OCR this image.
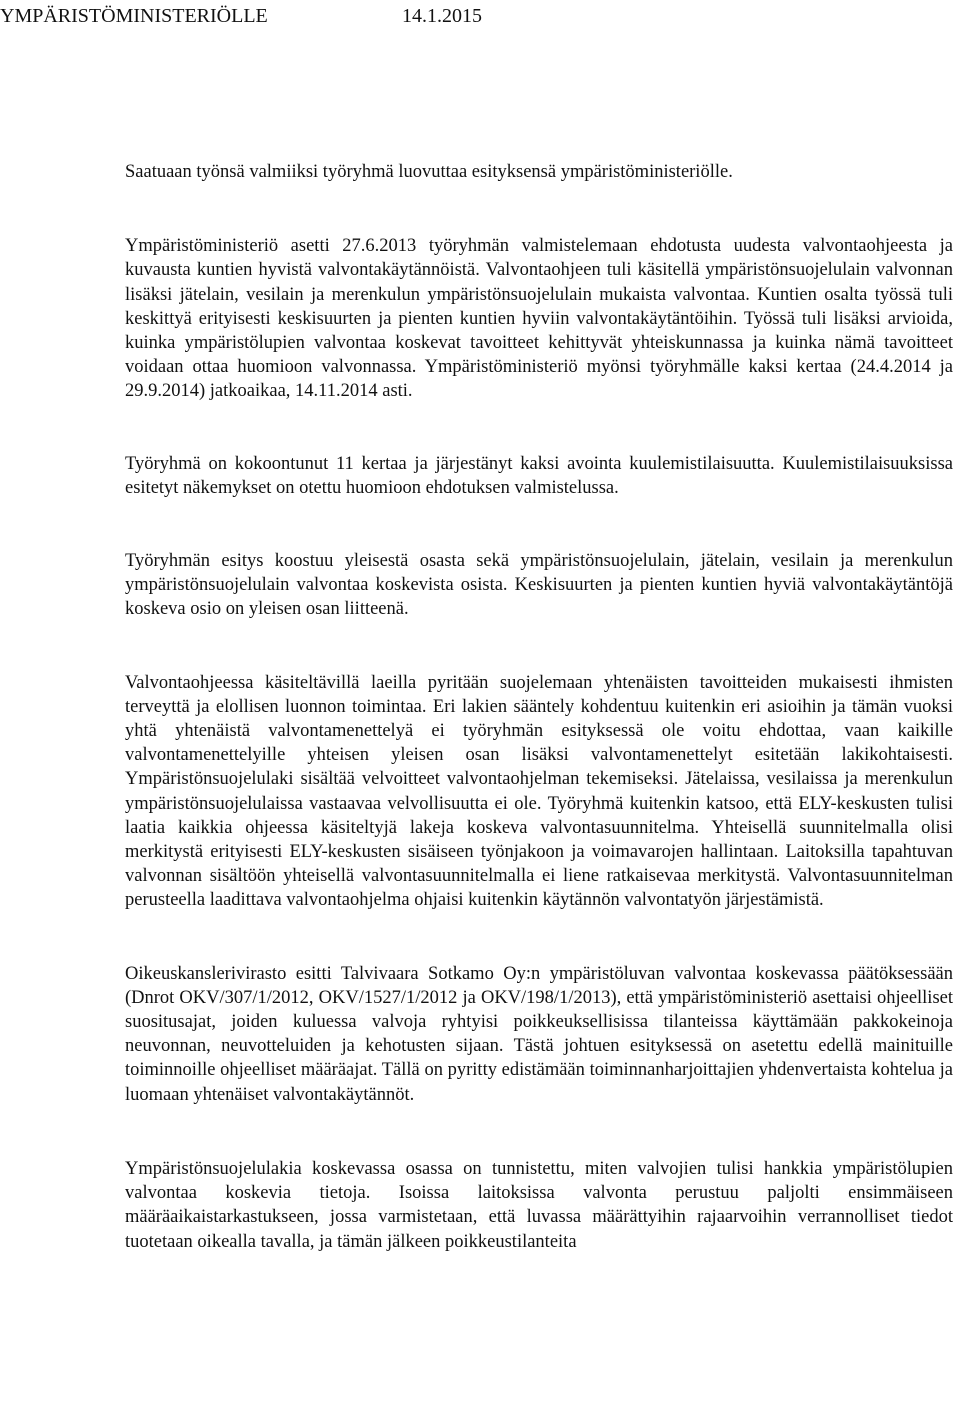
YMPÄRISTÖMINISTERIÖLLE	14.1.2015

Saatuaan työnsä valmiiksi työryhmä luovuttaa esityksensä ympäristöministeriölle.

Ympäristöministeriö asetti 27.6.2013 työryhmän valmistelemaan ehdotusta uudesta valvontaohjeesta ja kuvausta kuntien hyvistä valvontakäytännöistä. Valvontaohjeen tuli käsitellä ympäristönsuojelulain valvonnan lisäksi jätelain, vesilain ja merenkulun ympäristönsuojelulain mukaista valvontaa. Kuntien osalta työssä tuli keskittyä erityisesti keskisuurten ja pienten kuntien hyviin valvontakäytäntöihin. Työssä tuli lisäksi arvioida, kuinka ympäristölupien valvontaa koskevat tavoitteet kehittyvät yhteiskunnassa ja kuinka nämä tavoitteet voidaan ottaa huomioon valvonnassa. Ympäristöministeriö myönsi työryhmälle kaksi kertaa (24.4.2014 ja 29.9.2014) jatkoaikaa, 14.11.2014 asti.

Työryhmä on kokoontunut 11 kertaa ja järjestänyt kaksi avointa kuulemistilaisuutta. Kuulemistilaisuuksissa esitetyt näkemykset on otettu huomioon ehdotuksen valmistelussa.

Työryhmän esitys koostuu yleisestä osasta sekä ympäristönsuojelulain, jätelain, vesilain ja merenkulun ympäristönsuojelulain valvontaa koskevista osista. Keskisuurten ja pienten kuntien hyviä valvontakäytäntöjä koskeva osio on yleisen osan liitteenä.

Valvontaohjeessa käsiteltävillä laeilla pyritään suojelemaan yhtenäisten tavoitteiden mukaisesti ihmisten terveyttä ja elollisen luonnon toimintaa. Eri lakien sääntely kohdentuu kuitenkin eri asioihin ja tämän vuoksi yhtä yhtenäistä valvontamenettelyä ei työryhmän esityksessä ole voitu ehdottaa, vaan kaikille valvontamenettelyille yhteisen yleisen osan lisäksi valvontamenettelyt esitetään lakikohtaisesti. Ympäristönsuojelulaki sisältää velvoitteet valvontaohjelman tekemiseksi. Jätelaissa, vesilaissa ja merenkulun ympäristönsuojelulaissa vastaavaa velvollisuutta ei ole. Työryhmä kuitenkin katsoo, että ELY-keskusten tulisi laatia kaikkia ohjeessa käsiteltyjä lakeja koskeva valvontasuunnitelma. Yhteisellä suunnitelmalla olisi merkitystä erityisesti ELY-keskusten sisäiseen työnjakoon ja voimavarojen hallintaan. Laitoksilla tapahtuvan valvonnan sisältöön yhteisellä valvontasuunnitelmalla ei liene ratkaisevaa merkitystä. Valvontasuunnitelman perusteella laadittava valvontaohjelma ohjaisi kuitenkin käytännön valvontatyön järjestämistä.

Oikeuskanslerivirasto esitti Talvivaara Sotkamo Oy:n ympäristöluvan valvontaa koskevassa päätöksessään (Dnrot OKV/307/1/2012, OKV/1527/1/2012 ja OKV/198/1/2013), että ympäristöministeriö asettaisi ohjeelliset suositusajat, joiden kuluessa valvoja ryhtyisi poikkeuksellisissa tilanteissa käyttämään pakkokeinoja neuvonnan, neuvotteluiden ja kehotusten sijaan. Tästä johtuen esityksessä on asetettu edellä mainituille toiminnoille ohjeelliset määräajat. Tällä on pyritty edistämään toiminnanharjoittajien yhdenvertaista kohtelua ja luomaan yhtenäiset valvontakäytännöt.

Ympäristönsuojelulakia koskevassa osassa on tunnistettu, miten valvojien tulisi hankkia ympäristölupien valvontaa koskevia tietoja. Isoissa laitoksissa valvonta perustuu paljolti ensimmäiseen määräaikaistarkastukseen, jossa varmistetaan, että luvassa määrättyihin rajaarvoihin verrannolliset tiedot tuotetaan oikealla tavalla, ja tämän jälkeen poikkeustilanteita
